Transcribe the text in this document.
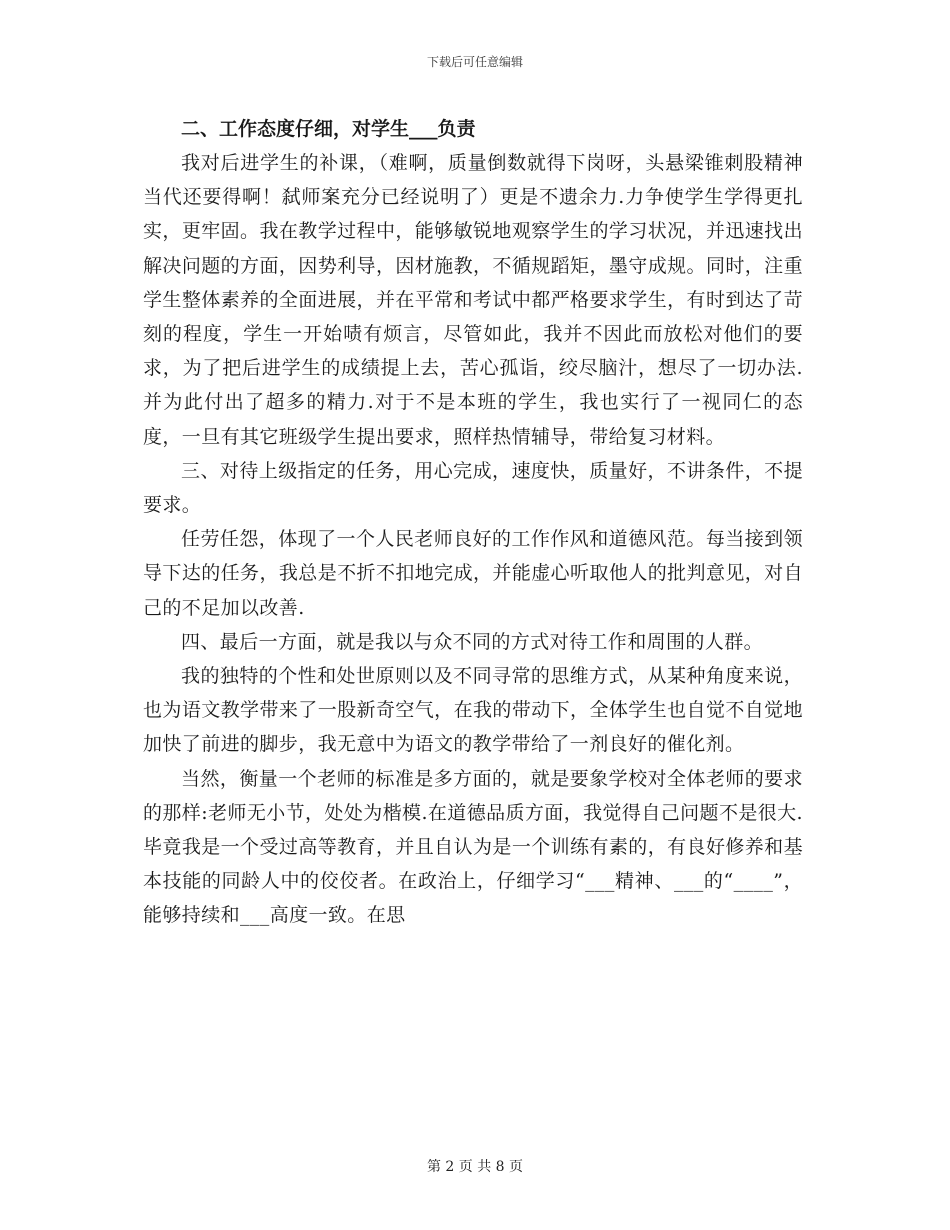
下载后可任意编辑

二、工作态度仔细，对学生___负责

我对后进学生的补课，（难啊，质量倒数就得下岗呀，头悬梁锥刺股精神当代还要得啊！弑师案充分已经说明了）更是不遗余力.力争使学生学得更扎实，更牢固。我在教学过程中，能够敏锐地观察学生的学习状况，并迅速找出解决问题的方面，因势利导，因材施教，不循规蹈矩，墨守成规。同时，注重学生整体素养的全面进展，并在平常和考试中都严格要求学生，有时到达了苛刻的程度，学生一开始啧有烦言，尽管如此，我并不因此而放松对他们的要求，为了把后进学生的成绩提上去，苦心孤诣，绞尽脑汁，想尽了一切办法.并为此付出了超多的精力.对于不是本班的学生，我也实行了一视同仁的态度，一旦有其它班级学生提出要求，照样热情辅导，带给复习材料。

三、对待上级指定的任务，用心完成，速度快，质量好，不讲条件，不提要求。

任劳任怨，体现了一个人民老师良好的工作作风和道德风范。每当接到领导下达的任务，我总是不折不扣地完成，并能虚心听取他人的批判意见，对自己的不足加以改善.

四、最后一方面，就是我以与众不同的方式对待工作和周围的人群。

我的独特的个性和处世原则以及不同寻常的思维方式，从某种角度来说，也为语文教学带来了一股新奇空气，在我的带动下，全体学生也自觉不自觉地加快了前进的脚步，我无意中为语文的教学带给了一剂良好的催化剂。

当然，衡量一个老师的标准是多方面的，就是要象学校对全体老师的要求的那样:老师无小节，处处为楷模.在道德品质方面，我觉得自己问题不是很大.毕竟我是一个受过高等教育，并且自认为是一个训练有素的，有良好修养和基本技能的同龄人中的佼佼者。在政治上，仔细学习“___精神、___的“____”，能够持续和___高度一致。在思

第 2 页 共 8 页
